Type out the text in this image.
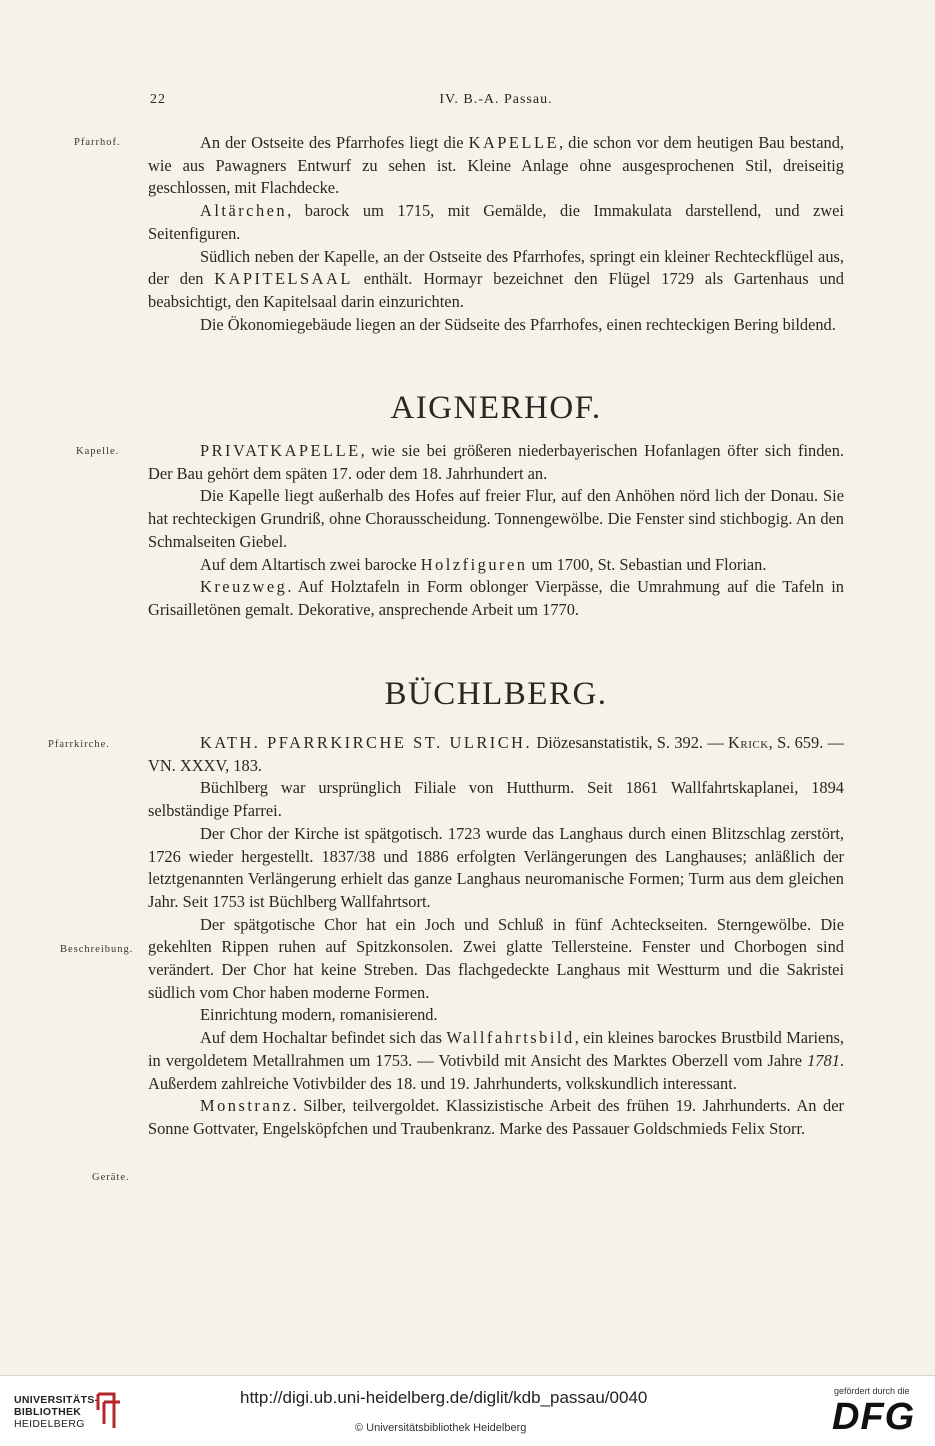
22	IV. B.-A. Passau.
Pfarrhof.	An der Ostseite des Pfarrhofes liegt die KAPELLE, die schon vor dem heutigen Bau bestand, wie aus Pawagners Entwurf zu sehen ist. Kleine Anlage ohne ausgesprochenen Stil, dreiseitig geschlossen, mit Flachdecke.

Altärchen, barock um 1715, mit Gemälde, die Immakulata darstellend, und zwei Seitenfiguren.

Südlich neben der Kapelle, an der Ostseite des Pfarrhofes, springt ein kleiner Rechteckflügel aus, der den KAPITELSAAL enthält. Hormayr bezeichnet den Flügel 1729 als Gartenhaus und beabsichtigt, den Kapitelsaal darin einzurichten.

Die Ökonomiegebäude liegen an der Südseite des Pfarrhofes, einen rechteckigen Bering bildend.

AIGNERHOF.
Kapelle.	PRIVATKAPELLE, wie sie bei größeren niederbayerischen Hofanlagen öfter sich finden. Der Bau gehört dem späten 17. oder dem 18. Jahrhundert an.

Die Kapelle liegt außerhalb des Hofes auf freier Flur, auf den Anhöhen nörd lich der Donau. Sie hat rechteckigen Grundriß, ohne Chorausscheidung. Tonnengewölbe. Die Fenster sind stichbogig. An den Schmalseiten Giebel.

Auf dem Altartisch zwei barocke Holzfiguren um 1700, St. Sebastian und Florian.

Kreuzweg. Auf Holztafeln in Form oblonger Vierpässe, die Umrahmung auf die Tafeln in Grisailletönen gemalt. Dekorative, ansprechende Arbeit um 1770.

BÜCHLBERG.
Pfarrkirche.
Beschreibung.
Geräte.

KATH. PFARRKIRCHE ST. ULRICH. Diözesanstatistik, S. 392. — Krick, S. 659. — VN. XXXV, 183.

Büchlberg war ursprünglich Filiale von Hutthurm. Seit 1861 Wallfahrtskaplanei, 1894 selbständige Pfarrei.

Der Chor der Kirche ist spätgotisch. 1723 wurde das Langhaus durch einen Blitzschlag zerstört, 1726 wieder hergestellt. 1837/38 und 1886 erfolgten Verlängerungen des Langhauses; anläßlich der letztgenannten Verlängerung erhielt das ganze Langhaus neuromanische Formen; Turm aus dem gleichen Jahr. Seit 1753 ist Büchlberg Wallfahrtsort.

Der spätgotische Chor hat ein Joch und Schluß in fünf Achteckseiten. Sterngewölbe. Die gekehlten Rippen ruhen auf Spitzkonsolen. Zwei glatte Tellersteine. Fenster und Chorbogen sind verändert. Der Chor hat keine Streben. Das flachgedeckte Langhaus mit Westturm und die Sakristei südlich vom Chor haben moderne Formen.

Einrichtung modern, romanisierend.

Auf dem Hochaltar befindet sich das Wallfahrtsbild, ein kleines barockes Brustbild Mariens, in vergoldetem Metallrahmen um 1753. — Votivbild mit Ansicht des Marktes Oberzell vom Jahre 1781. Außerdem zahlreiche Votivbilder des 18. und 19. Jahrhunderts, volkskundlich interessant.

Monstranz. Silber, teilvergoldet. Klassizistische Arbeit des frühen 19. Jahrhunderts. An der Sonne Gottvater, Engelsköpfchen und Traubenkranz. Marke des Passauer Goldschmieds Felix Storr.

UNIVERSITÄTS-
BIBLIOTHEK
HEIDELBERG
http://digi.ub.uni-heidelberg.de/diglit/kdb_passau/0040
© Universitätsbibliothek Heidelberg
gefördert durch die
DFG
